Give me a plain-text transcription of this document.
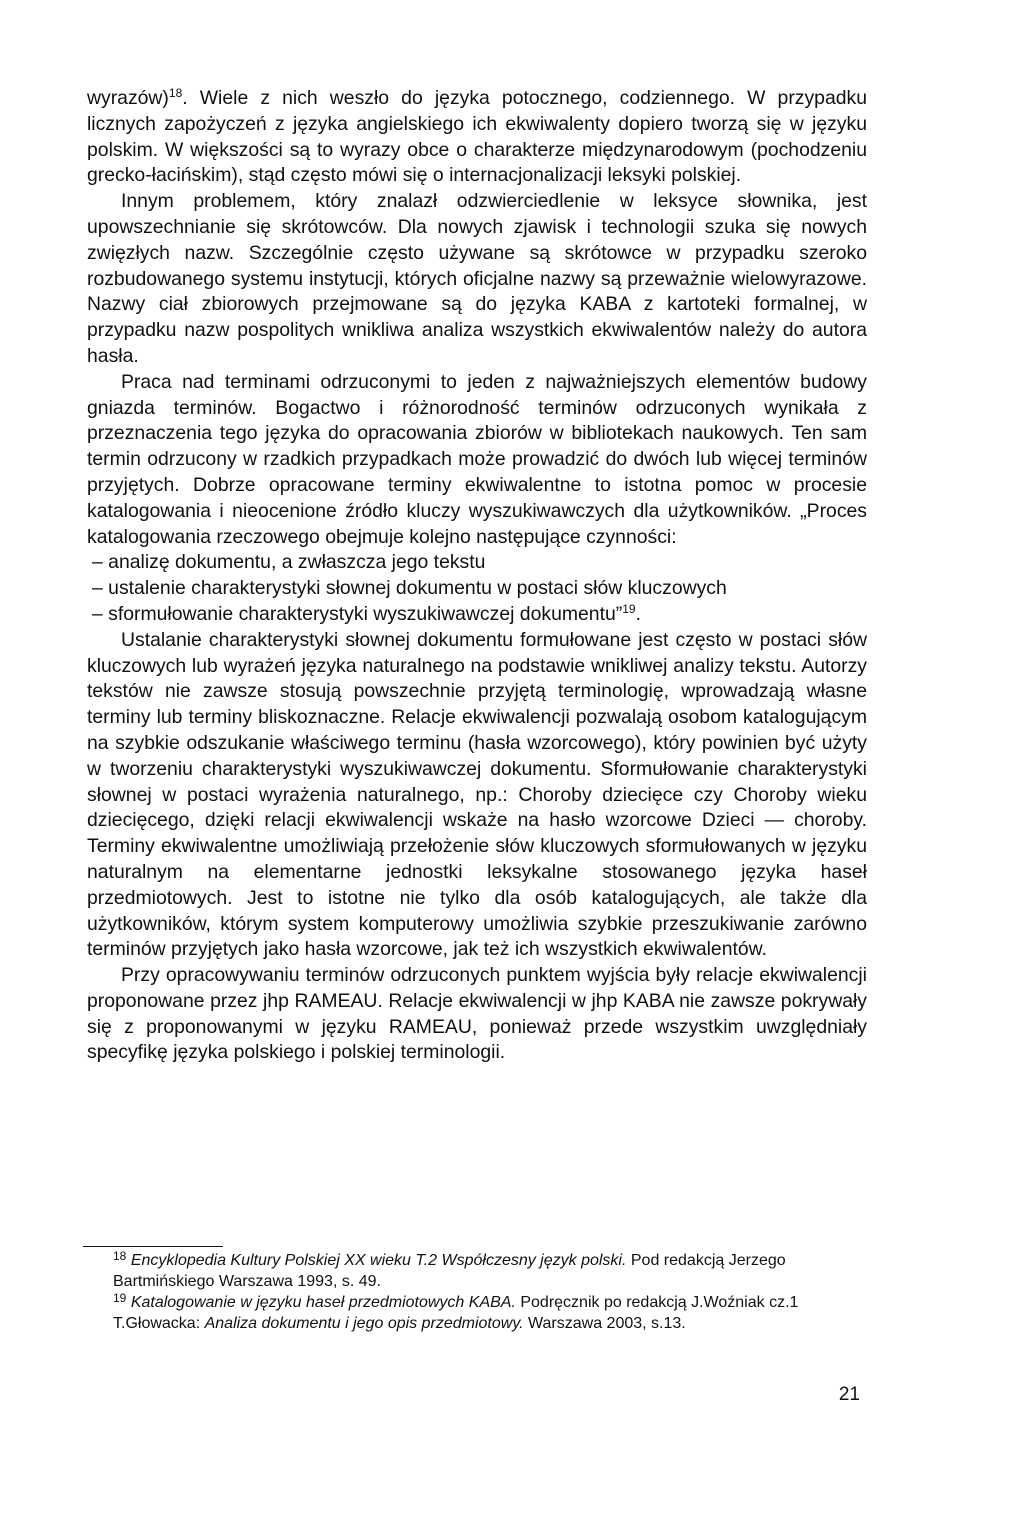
wyrazów)$^{18}$. Wiele z nich weszło do języka potocznego, codziennego. W przypadku licznych zapożyczeń z języka angielskiego ich ekwiwalenty dopiero tworzą się w języku polskim. W większości są to wyrazy obce o charakterze międzynarodowym (pochodzeniu grecko-łacińskim), stąd często mówi się o internacjonalizacji leksyki polskiej.

Innym problemem, który znalazł odzwierciedlenie w leksyce słownika, jest upowszechnianie się skrótowców. Dla nowych zjawisk i technologii szuka się nowych zwięzłych nazw. Szczególnie często używane są skrótowce w przypadku szeroko rozbudowanego systemu instytucji, których oficjalne nazwy są przeważnie wielowyrazowe. Nazwy ciał zbiorowych przejmowane są do języka KABA z kartoteki formalnej, w przypadku nazw pospolitych wnikliwa analiza wszystkich ekwiwalentów należy do autora hasła.

Praca nad terminami odrzuconymi to jeden z najważniejszych elementów budowy gniazda terminów. Bogactwo i różnorodność terminów odrzuconych wynikała z przeznaczenia tego języka do opracowania zbiorów w bibliotekach naukowych. Ten sam termin odrzucony w rzadkich przypadkach może prowadzić do dwóch lub więcej terminów przyjętych. Dobrze opracowane terminy ekwiwalentne to istotna pomoc w procesie katalogowania i nieocenione źródło kluczy wyszukiwawczych dla użytkowników. „Proces katalogowania rzeczowego obejmuje kolejno następujące czynności:

– analizę dokumentu, a zwłaszcza jego tekstu

– ustalenie charakterystyki słownej dokumentu w postaci słów kluczowych

– sformułowanie charakterystyki wyszukiwawczej dokumentu”$^{19}$.

Ustalanie charakterystyki słownej dokumentu formułowane jest często w postaci słów kluczowych lub wyrażeń języka naturalnego na podstawie wnikliwej analizy tekstu. Autorzy tekstów nie zawsze stosują powszechnie przyjętą terminologię, wprowadzają własne terminy lub terminy bliskoznaczne. Relacje ekwiwalencji pozwalają osobom katalogującym na szybkie odszukanie właściwego terminu (hasła wzorcowego), który powinien być użyty w tworzeniu charakterystyki wyszukiwawczej dokumentu. Sformułowanie charakterystyki słownej w postaci wyrażenia naturalnego, np.: Choroby dziecięce czy Choroby wieku dziecięcego, dzięki relacji ekwiwalencji wskaże na hasło wzorcowe Dzieci — choroby. Terminy ekwiwalentne umożliwiają przełożenie słów kluczowych sformułowanych w języku naturalnym na elementarne jednostki leksykalne stosowanego języka haseł przedmiotowych. Jest to istotne nie tylko dla osób katalogujących, ale także dla użytkowników, którym system komputerowy umożliwia szybkie przeszukiwanie zarówno terminów przyjętych jako hasła wzorcowe, jak też ich wszystkich ekwiwalentów.

Przy opracowywaniu terminów odrzuconych punktem wyjścia były relacje ekwiwalencji proponowane przez jhp RAMEAU. Relacje ekwiwalencji w jhp KABA nie zawsze pokrywały się z proponowanymi w języku RAMEAU, ponieważ przede wszystkim uwzględniały specyfikę języka polskiego i polskiej terminologii.

$^{18}$ Encyklopedia Kultury Polskiej XX wieku T.2 Współczesny język polski. Pod redakcją Jerzego Bartmińskiego Warszawa 1993, s. 49.

$^{19}$ Katalogowanie w języku haseł przedmiotowych KABA. Podręcznik po redakcją J.Woźniak cz.1 T.Głowacka: Analiza dokumentu i jego opis przedmiotowy. Warszawa 2003, s.13.

21
